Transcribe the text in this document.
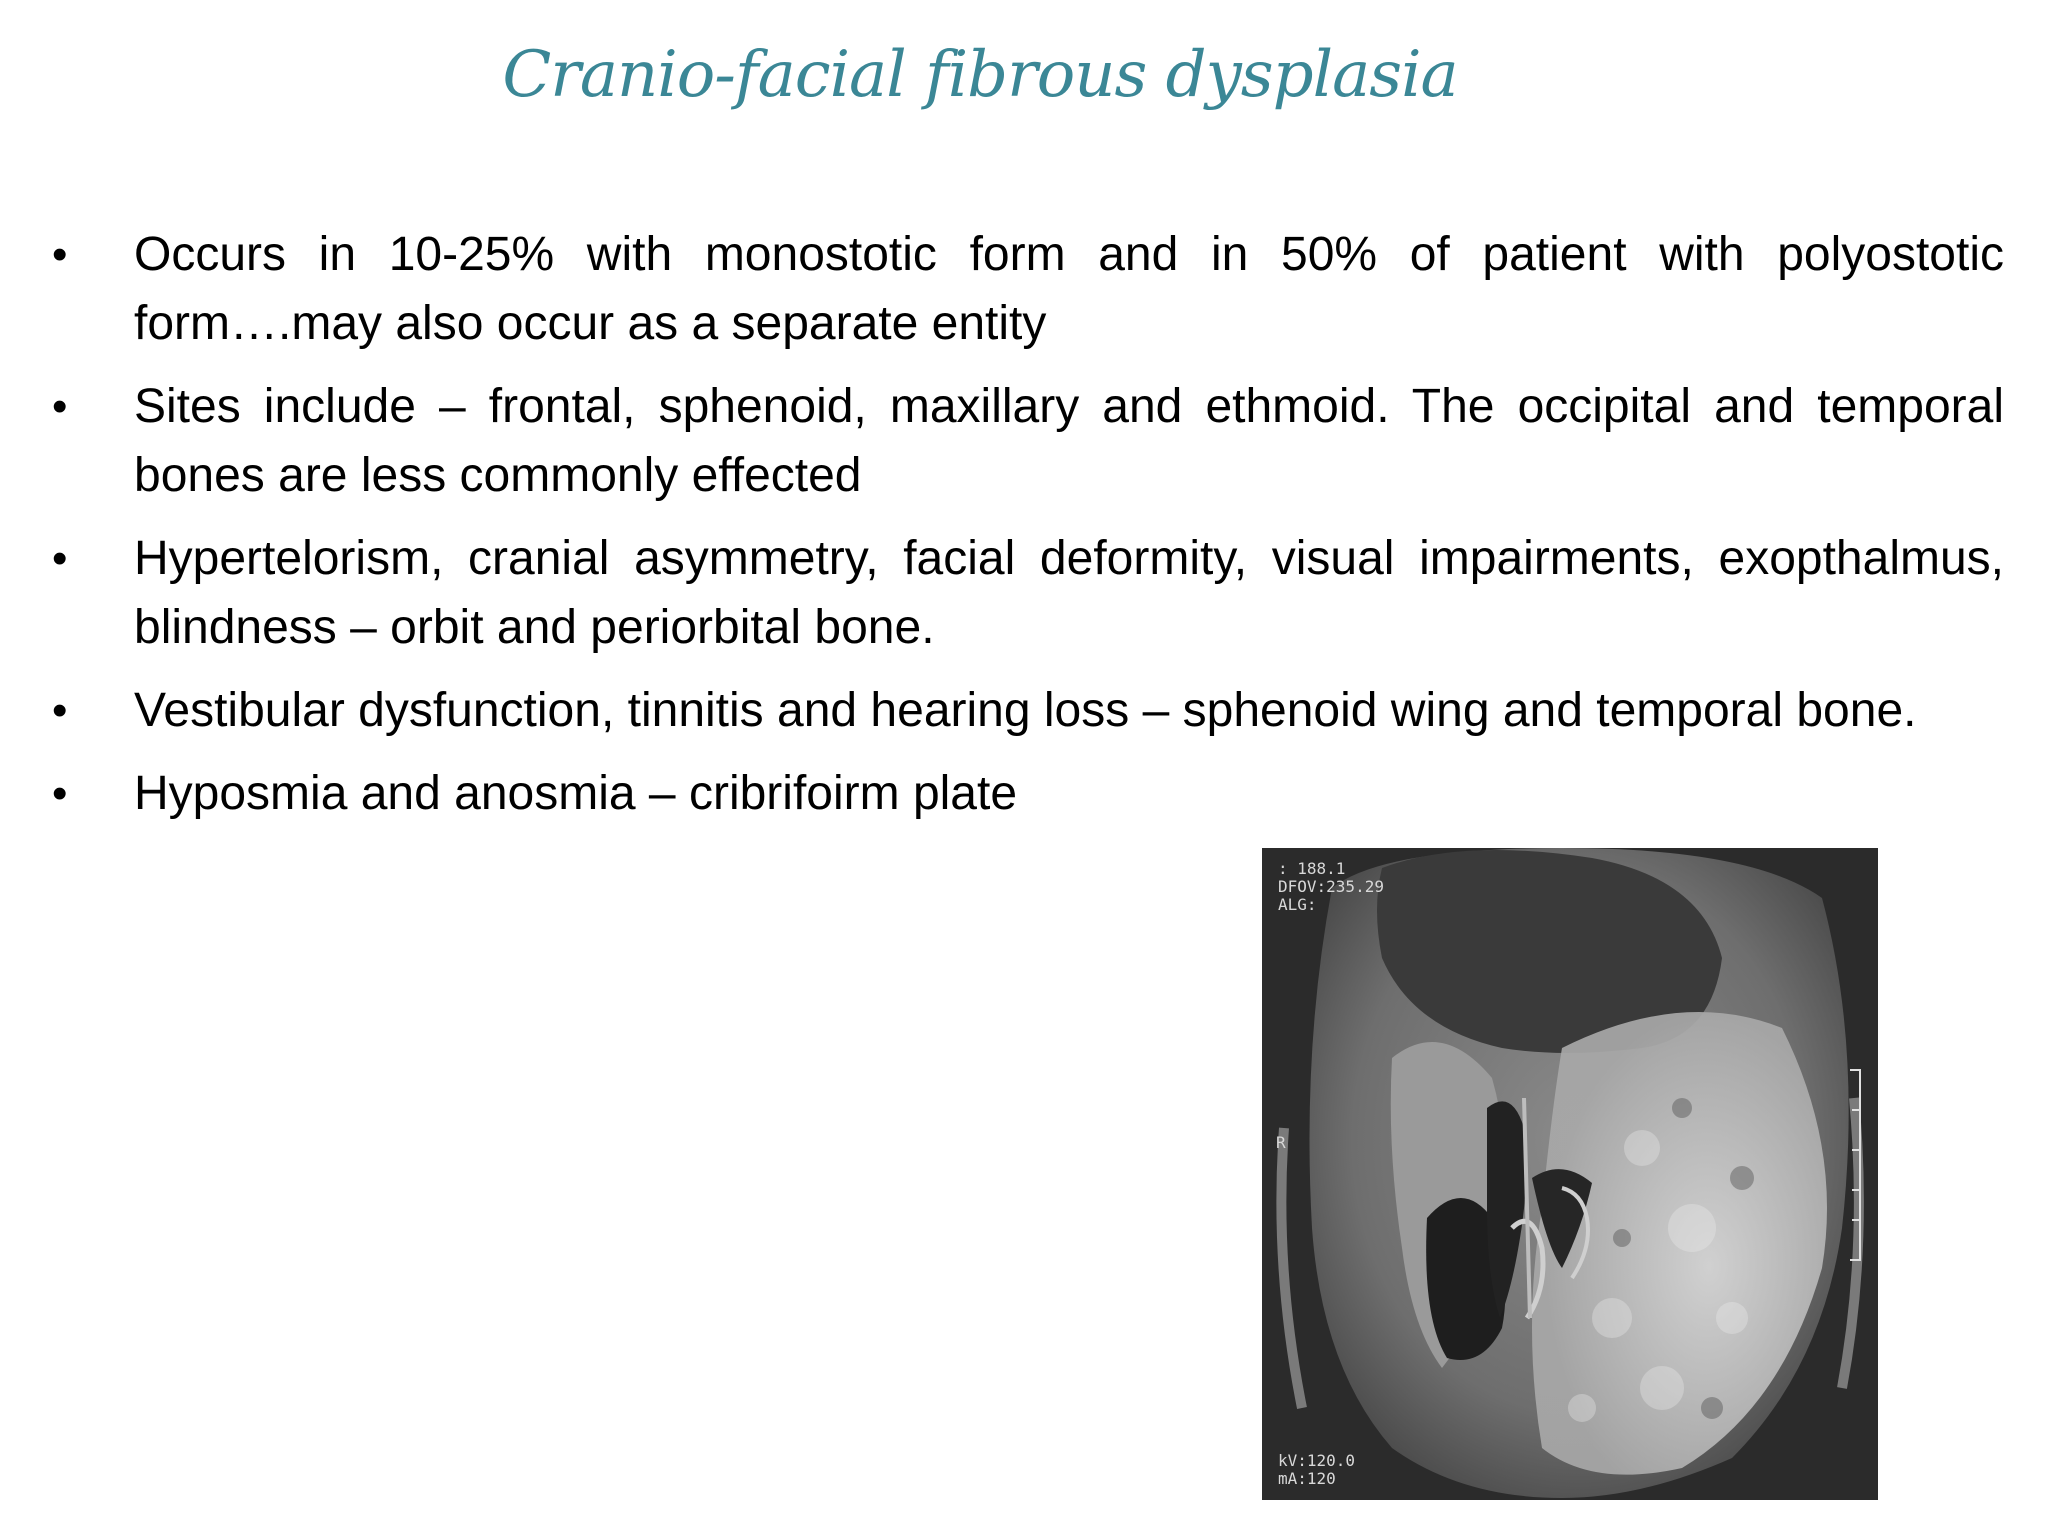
Cranio-facial fibrous dysplasia
• Occurs in 10-25% with monostotic form and in 50% of patient with polyostotic form….may also occur as a separate entity
• Sites include – frontal, sphenoid, maxillary and ethmoid. The occipital and temporal bones are less commonly effected
• Hypertelorism, cranial asymmetry, facial deformity, visual impairments, exopthalmus, blindness – orbit and periorbital bone.
• Vestibular dysfunction, tinnitis and hearing loss – sphenoid wing and temporal bone.
• Hyposmia and anosmia – cribrifoirm plate
: 188.1
DFOV:235.29
ALG:
R
kV:120.0
mA:120
